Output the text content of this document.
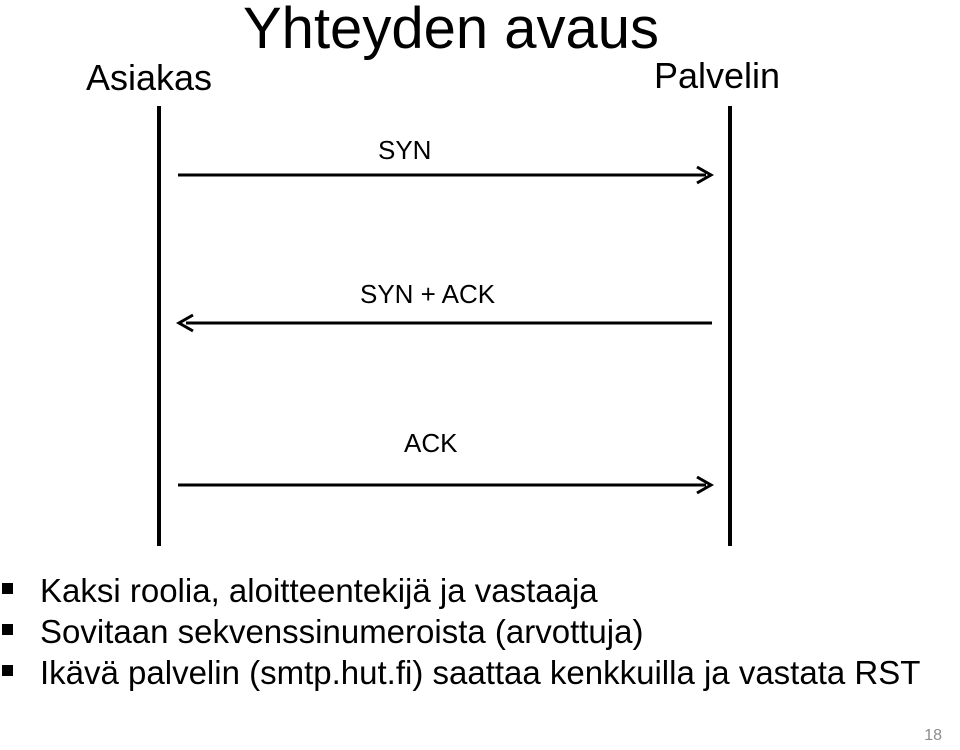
Yhteyden avaus
Asiakas	Palvelin
SYN
SYN + ACK
ACK
Kaksi roolia, aloitteentekijä ja vastaaja
Sovitaan sekvenssinumeroista (arvottuja)
Ikävä palvelin (smtp.hut.fi) saattaa kenkkuilla ja vastata RST
18
